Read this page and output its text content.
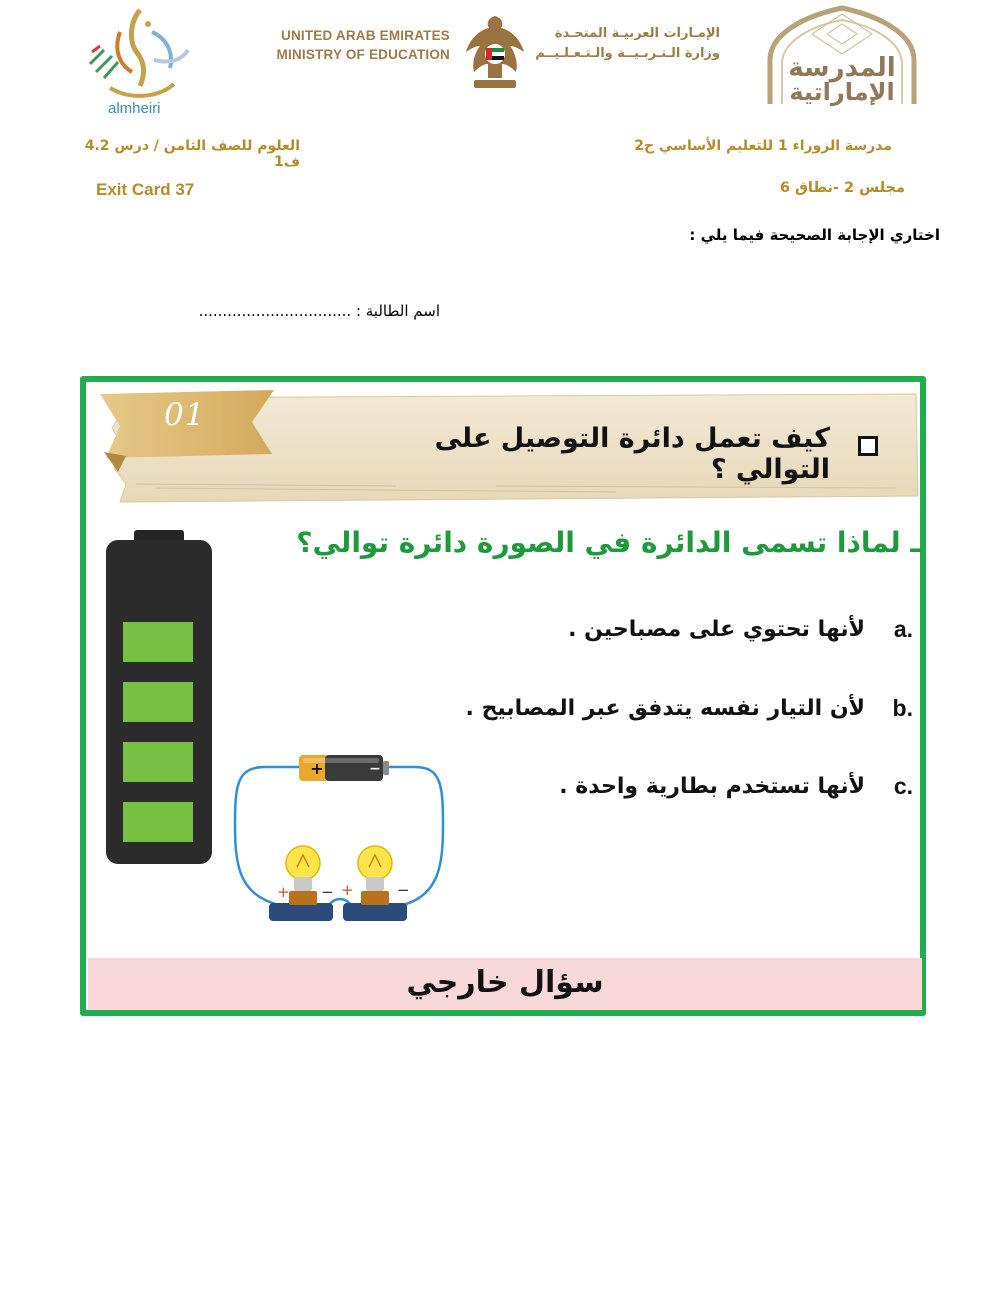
almheiri
UNITED ARAB EMIRATES
MINISTRY OF EDUCATION
الإمـارات العربيـة المتحـدة
وزارة الـتـربـيــة والـتـعـلـيــم	المدرسة
الإماراتية
العلوم للصف الثامن / درس 4.2 ف1
Exit Card 37
مدرسة الزوراء 1 للتعليم الأساسي ح2
مجلس 2 -نطاق 6
اختاري الإجابة الصحيحة فيما يلي :
اسم الطالبة : ................................
01
كيف تعمل دائرة التوصيل على التوالي ؟
ـ لماذا تسمى الدائرة في الصورة دائرة توالي؟
لأنها تحتوي على مصباحين .	a.
لأن التيار نفسه يتدفق عبر المصابيح .	b.
لأنها تستخدم بطارية واحدة .	c.
+	−
+ − +	−
سؤال خارجي
